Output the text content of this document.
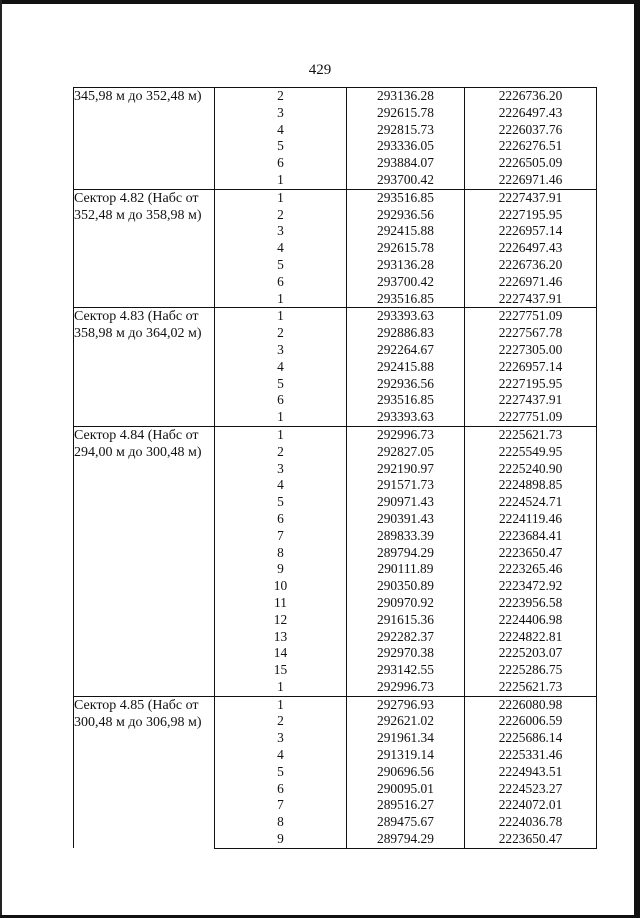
429
345,98 м до 352,48 м)	2	293136.28	2226736.20
	3	292615.78	2226497.43
	4	292815.73	2226037.76
	5	293336.05	2226276.51
	6	293884.07	2226505.09
	1	293700.42	2226971.46
Сектор 4.82 (Набс от 352,48 м до 358,98 м)	1	293516.85	2227437.91
	2	292936.56	2227195.95
	3	292415.88	2226957.14
	4	292615.78	2226497.43
	5	293136.28	2226736.20
	6	293700.42	2226971.46
	1	293516.85	2227437.91
Сектор 4.83 (Набс от 358,98 м до 364,02 м)	1	293393.63	2227751.09
	2	292886.83	2227567.78
	3	292264.67	2227305.00
	4	292415.88	2226957.14
	5	292936.56	2227195.95
	6	293516.85	2227437.91
	1	293393.63	2227751.09
Сектор 4.84 (Набс от 294,00 м до 300,48 м)	1	292996.73	2225621.73
	2	292827.05	2225549.95
	3	292190.97	2225240.90
	4	291571.73	2224898.85
	5	290971.43	2224524.71
	6	290391.43	2224119.46
	7	289833.39	2223684.41
	8	289794.29	2223650.47
	9	290111.89	2223265.46
	10	290350.89	2223472.92
	11	290970.92	2223956.58
	12	291615.36	2224406.98
	13	292282.37	2224822.81
	14	292970.38	2225203.07
	15	293142.55	2225286.75
	1	292996.73	2225621.73
Сектор 4.85 (Набс от 300,48 м до 306,98 м)	1	292796.93	2226080.98
	2	292621.02	2226006.59
	3	291961.34	2225686.14
	4	291319.14	2225331.46
	5	290696.56	2224943.51
	6	290095.01	2224523.27
	7	289516.27	2224072.01
	8	289475.67	2224036.78
	9	289794.29	2223650.47
